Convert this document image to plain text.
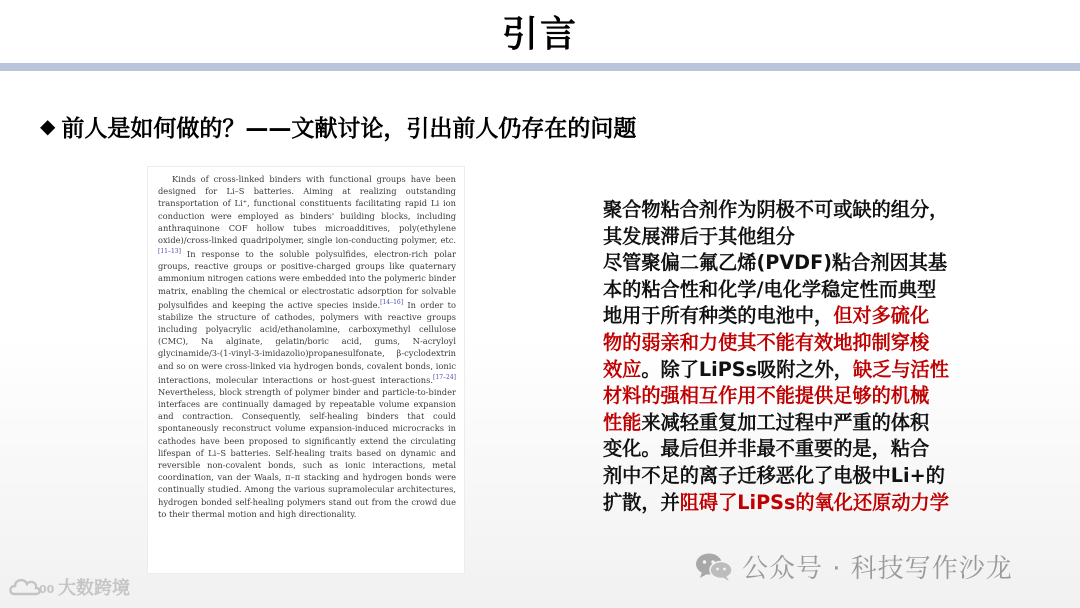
引言
◆ 前人是如何做的？——文献讨论，引出前人仍存在的问题

Kinds of cross-linked binders with functional groups have been designed for Li–S batteries. Aiming at realizing outstanding transportation of Li⁺, functional constituents facilitating rapid Li ion conduction were employed as binders' building blocks, including anthraquinone COF hollow tubes microadditives, poly(ethylene oxide)/cross-linked quadripolymer, single ion-conducting polymer, etc.[11–13] In response to the soluble polysulfides, electron-rich polar groups, reactive groups or positive-charged groups like quaternary ammonium nitrogen cations were embedded into the polymeric binder matrix, enabling the chemical or electrostatic adsorption for solvable polysulfides and keeping the active species inside.[14–16] In order to stabilize the structure of cathodes, polymers with reactive groups including polyacrylic acid/ethanolamine, carboxymethyl cellulose (CMC), Na alginate, gelatin/boric acid, gums, N-acryloyl glycinamide/3-(1-vinyl-3-imidazolio)propanesulfonate, β-cyclodextrin and so on were cross-linked via hydrogen bonds, covalent bonds, ionic interactions, molecular interactions or host-guest interactions.[17–24] Nevertheless, block strength of polymer binder and particle-to-binder interfaces are continually damaged by repeatable volume expansion and contraction. Consequently, self-healing binders that could spontaneously reconstruct volume expansion-induced microcracks in cathodes have been proposed to significantly extend the circulating lifespan of Li–S batteries. Self-healing traits based on dynamic and reversible non-covalent bonds, such as ionic interactions, metal coordination, van der Waals, π–π stacking and hydrogen bonds were continually studied. Among the various supramolecular architectures, hydrogen bonded self-healing polymers stand out from the crowd due to their thermal motion and high directionality.

聚合物粘合剂作为阴极不可或缺的组分，
其发展滞后于其他组分
尽管聚偏二氟乙烯(PVDF)粘合剂因其基
本的粘合性和化学/电化学稳定性而典型
地用于所有种类的电池中，但对多硫化
物的弱亲和力使其不能有效地抑制穿梭
效应。除了LiPSs吸附之外，缺乏与活性
材料的强相互作用不能提供足够的机械
性能来减轻重复加工过程中严重的体积
变化。最后但并非最不重要的是，粘合
剂中不足的离子迁移恶化了电极中Li+的
扩散，并阻碍了LiPSs的氧化还原动力学
公众号 · 科技写作沙龙
00 大数跨境
